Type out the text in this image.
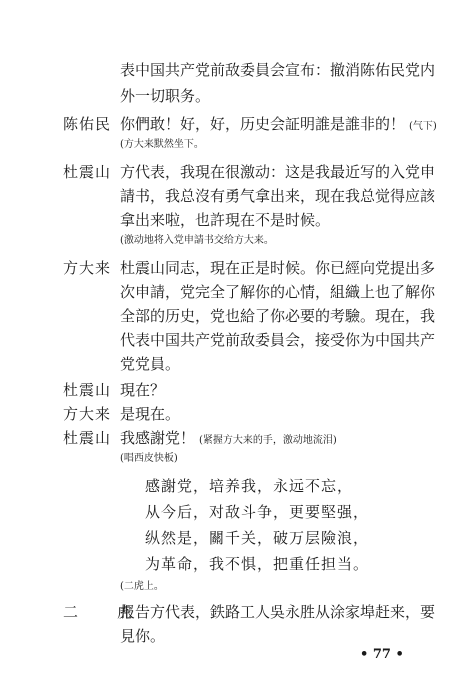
表中国共产党前敌委員会宣布：撤消陈佑民党内
外一切职务。
陈佑民 你們敢！好，好，历史会証明誰是誰非的！ (气下)
(方大来默然坐下。
杜震山 方代表，我現在很激动：这是我最近写的入党申
請书，我总沒有勇气拿出来，现在我总觉得应該
拿出来啦，也許現在不是时候。
(激动地将入党申請书交给方大来。
方大来 杜震山同志，現在正是时候。你已經向党提出多
次申請，党完全了解你的心情，組織上也了解你
全部的历史，党也給了你必要的考驗。現在，我
代表中国共产党前敌委員会，接受你为中国共产
党党員。
杜震山 現在？
方大来 是現在。
杜震山 我感謝党！ (紧握方大来的手，激动地流泪)
(唱西皮快板)
感謝党，培养我，永远不忘，
从今后，对敌斗争，更要堅强，
纵然是，關千关，破万层險浪，
为革命，我不惧，把重任担当。
(二虎上。
二　虎
报告方代表，鉄路工人吳永胜从涂家埠赶来，要
見你。
• 77 •
